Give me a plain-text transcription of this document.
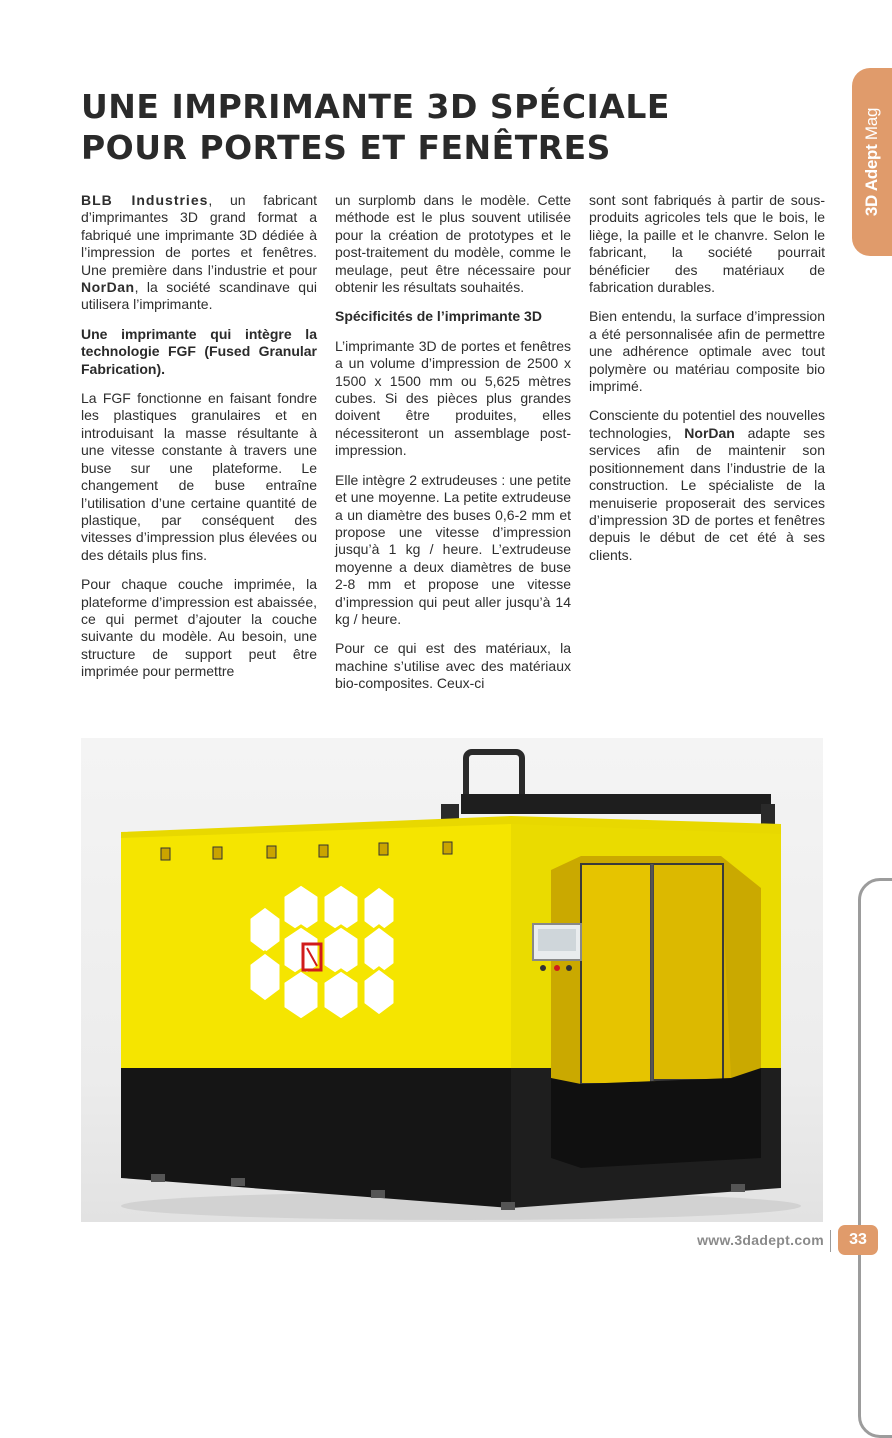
3D Adept Mag
UNE IMPRIMANTE 3D SPÉCIALE
POUR PORTES ET FENÊTRES

BLB Industries, un fabricant d’imprimantes 3D grand format a fabriqué une imprimante 3D dédiée à l’impression de portes et fenêtres. Une première dans l’industrie et pour NorDan, la société scandinave qui utilisera l’imprimante.

Une imprimante qui intègre la technologie FGF (Fused Granular Fabrication).

La FGF fonctionne en faisant fondre les plastiques granulaires et en introduisant la masse résultante à une vitesse constante à travers une buse sur une plateforme. Le changement de buse entraîne l’utilisation d’une certaine quantité de plastique, par conséquent des vitesses d’impression plus élevées ou des détails plus fins.

Pour chaque couche imprimée, la plateforme d’impression est abaissée, ce qui permet d’ajouter la couche suivante du modèle. Au besoin, une structure de support peut être imprimée pour permettre

un surplomb dans le modèle. Cette méthode est le plus souvent utilisée pour la création de prototypes et le post-traitement du modèle, comme le meulage, peut être nécessaire pour obtenir les résultats souhaités.

Spécificités de l’imprimante 3D

L’imprimante 3D de portes et fenêtres a un volume d’impression de 2500 x 1500 x 1500 mm ou 5,625 mètres cubes. Si des pièces plus grandes doivent être produites, elles nécessiteront un assemblage post-impression.

Elle intègre 2 extrudeuses : une petite et une moyenne. La petite extrudeuse a un diamètre des buses 0,6-2 mm et propose une vitesse d’impression jusqu’à 1 kg / heure. L’extrudeuse moyenne a deux diamètres de buse 2-8 mm et propose une vitesse d’impression qui peut aller jusqu’à 14 kg / heure.

Pour ce qui est des matériaux, la machine s’utilise avec des matériaux bio-composites. Ceux-ci

sont sont fabriqués à partir de sous-produits agricoles tels que le bois, le liège, la paille et le chanvre. Selon le fabricant, la société pourrait bénéficier des matériaux de fabrication durables.

Bien entendu, la surface d’impression a été personnalisée afin de permettre une adhérence optimale avec tout polymère ou matériau composite bio imprimé.

Consciente du potentiel des nouvelles technologies, NorDan adapte ses services afin de maintenir son positionnement dans l’industrie de la construction. Le spécialiste de la menuiserie proposerait des services d’impression 3D de portes et fenêtres depuis le début de cet été à ses clients.

www.3dadept.com	33
